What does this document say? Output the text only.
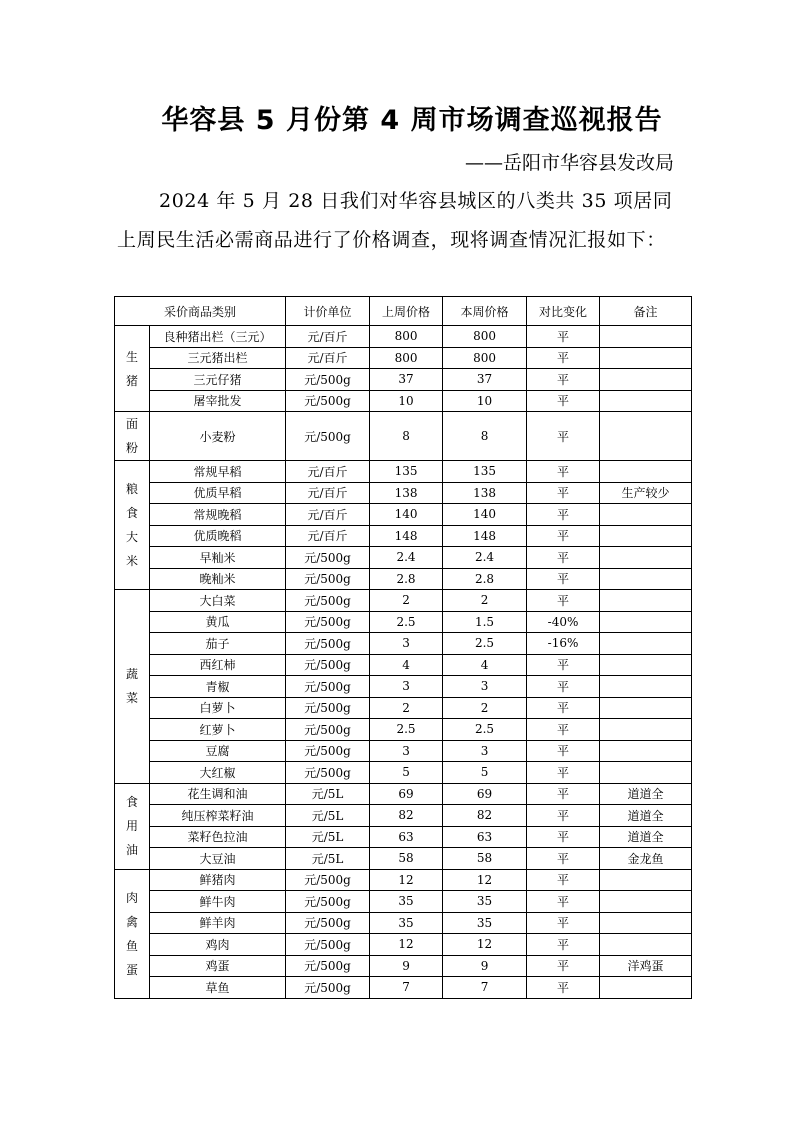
华容县 5 月份第 4 周市场调查巡视报告

——岳阳市华容县发改局

2024 年 5 月 28 日我们对华容县城区的八类共 35 项居同上周民生活必需商品进行了价格调查，现将调查情况汇报如下：

采价商品类别		计价单位	上周价格	本周价格	对比变化	备注

生
猪	良种猪出栏（三元）	元/百斤	800	800	平	
	三元猪出栏	元/百斤	800	800	平	
	三元仔猪	元/500g	37	37	平	
	屠宰批发	元/500g	10	10	平	

面
粉	小麦粉	元/500g	8	8	平	

粮
食
大
米	常规早稻	元/百斤	135	135	平	
	优质早稻	元/百斤	138	138	平	生产较少
	常规晚稻	元/百斤	140	140	平	
	优质晚稻	元/百斤	148	148	平	
	早籼米	元/500g	2.4	2.4	平	
	晚籼米	元/500g	2.8	2.8	平	

蔬
菜	大白菜	元/500g	2	2	平	
	黄瓜	元/500g	2.5	1.5	-40%	
	茄子	元/500g	3	2.5	-16%	
	西红柿	元/500g	4	4	平	
	青椒	元/500g	3	3	平	
	白萝卜	元/500g	2	2	平	
	红萝卜	元/500g	2.5	2.5	平	
	豆腐	元/500g	3	3	平	
	大红椒	元/500g	5	5	平	

食
用
油	花生调和油	元/5L	69	69	平	道道全
	纯压榨菜籽油	元/5L	82	82	平	道道全
	菜籽色拉油	元/5L	63	63	平	道道全
	大豆油	元/5L	58	58	平	金龙鱼

肉
禽
鱼
蛋	鲜猪肉	元/500g	12	12	平	
	鲜牛肉	元/500g	35	35	平	
	鲜羊肉	元/500g	35	35	平	
	鸡肉	元/500g	12	12	平	
	鸡蛋	元/500g	9	9	平	洋鸡蛋
	草鱼	元/500g	7	7	平	
